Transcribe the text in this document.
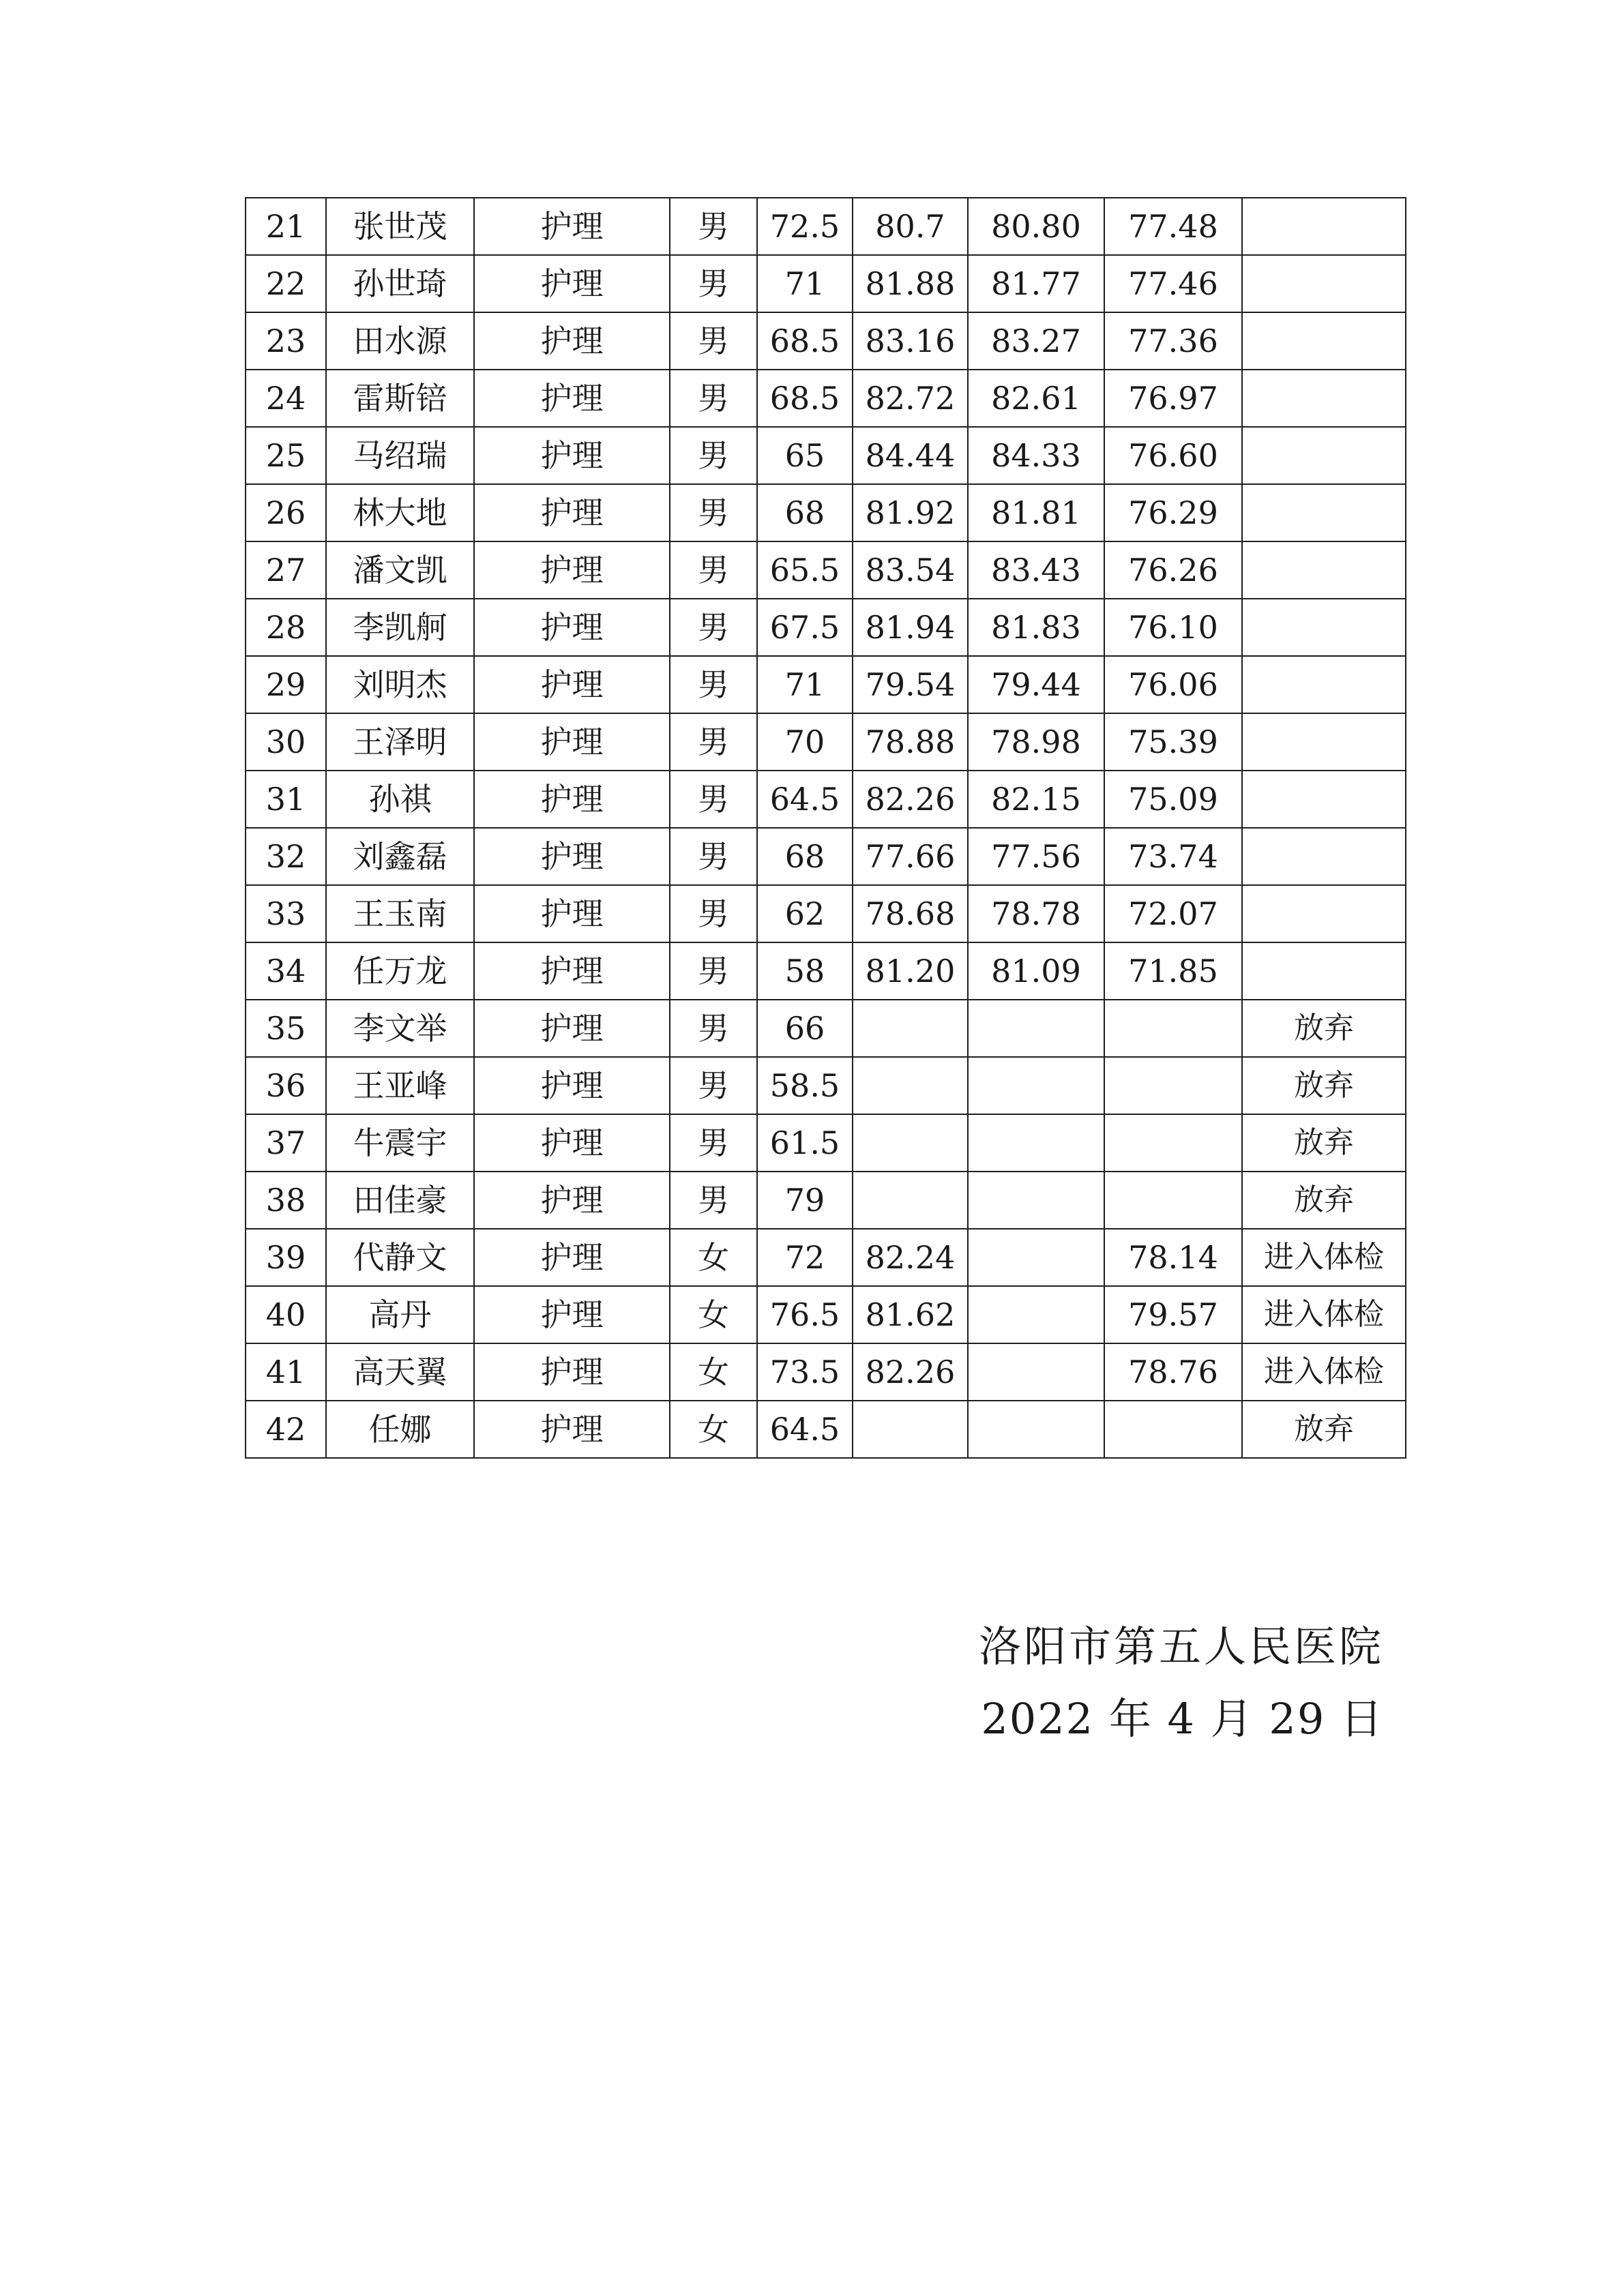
21	张世茂	护理	男	72.5	80.7	80.80	77.48	
22	孙世琦	护理	男	71	81.88	81.77	77.46	
23	田水源	护理	男	68.5	83.16	83.27	77.36	
24	雷斯锫	护理	男	68.5	82.72	82.61	76.97	
25	马绍瑞	护理	男	65	84.44	84.33	76.60	
26	林大地	护理	男	68	81.92	81.81	76.29	
27	潘文凯	护理	男	65.5	83.54	83.43	76.26	
28	李凯舸	护理	男	67.5	81.94	81.83	76.10	
29	刘明杰	护理	男	71	79.54	79.44	76.06	
30	王泽明	护理	男	70	78.88	78.98	75.39	
31	孙祺	护理	男	64.5	82.26	82.15	75.09	
32	刘鑫磊	护理	男	68	77.66	77.56	73.74	
33	王玉南	护理	男	62	78.68	78.78	72.07	
34	任万龙	护理	男	58	81.20	81.09	71.85	
35	李文举	护理	男	66				放弃
36	王亚峰	护理	男	58.5				放弃
37	牛震宇	护理	男	61.5				放弃
38	田佳豪	护理	男	79				放弃
39	代静文	护理	女	72	82.24		78.14	进入体检
40	高丹	护理	女	76.5	81.62		79.57	进入体检
41	高天翼	护理	女	73.5	82.26		78.76	进入体检
42	任娜	护理	女	64.5				放弃
洛阳市第五人民医院
2022 年 4 月 29 日
